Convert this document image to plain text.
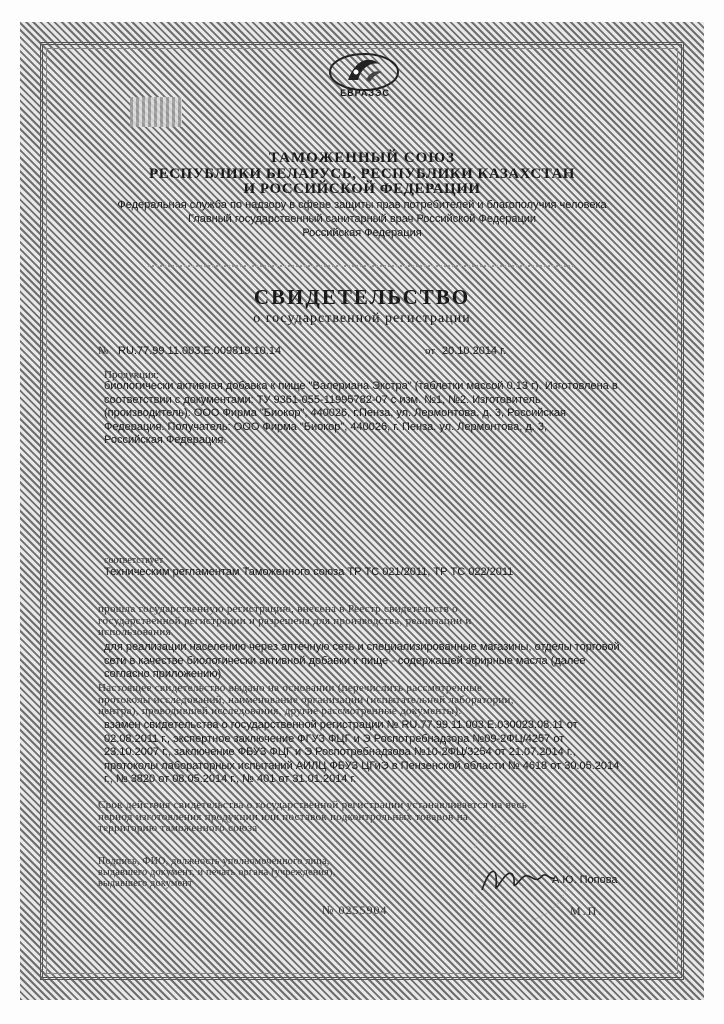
ЕВРАЗЭС
ТАМОЖЕННЫЙ СОЮЗ
РЕСПУБЛИКИ БЕЛАРУСЬ, РЕСПУБЛИКИ КАЗАХСТАН
И РОССИЙСКОЙ ФЕДЕРАЦИИ
Федеральная служба по надзору в сфере защиты прав потребителей и благополучия человека
Главный государственный санитарный врач Российской Федерации
Российская Федерация
СВИДЕТЕЛЬСТВО
о государственной регистрации
№ RU.77.99.11.003.Е.009819.10.14	от 20.10.2014 г.
Продукция:
биологически активная добавка к пище "Валериана Экстра" (таблетки массой 0,13 г). Изготовлена в
соответствии с документами: ТУ 9361-055-11995782-07 с изм. №1, №2. Изготовитель
(производитель): ООО Фирма "Биокор", 440026, г.Пенза, ул. Лермонтова, д. 3, Российская
Федерация. Получатель: ООО Фирма "Биокор", 440026, г. Пенза. ул. Лермонтова, д. 3,
Российская Федерация.
соответствует
Техническим регламентам Таможенного союза ТР ТС 021/2011, ТР ТС 022/2011
прошла государственную регистрацию, внесена в Реестр свидетельств о
государственной регистрации и разрешена для производства, реализации и
использования
для реализации населению через аптечную сеть и специализированные магазины, отделы торговой
сети в качестве биологически активной добавки к пище - содержащей эфирные масла (далее
согласно приложению)
Настоящее свидетельство выдано на основании (перечислить рассмотренные
протоколы исследований, наименование организации (испытательной лаборатории,
центра), проводившей исследования, другие рассмотренные документы):
взамен свидетельства о государственной регистрации № RU.77.99.11.003.Е.030023.08.11 от
02.08.2011 г., экспертное заключение ФГУЗ ФЦГ и Э Роспотребнадзора №09-2ФЦ/4257 от
23.10.2007 г., заключение ФБУЗ ФЦГ и Э Роспотребнадзора №10-2ФЦ/3254 от 21.07.2014 г.,
протоколы лабораторных испытаний АИЛЦ ФБУЗ ЦГиЭ в Пензенской области № 4618 от 30.05.2014
г., № 3820 от 08.05.2014 г., № 401 от 31.01.2014 г.
Срок действия свидетельства о государственной регистрации устанавливается на весь
период изготовления продукции или поставок подконтрольных товаров на
территорию таможенного союза
Подпись, ФИО, должность уполномоченного лица,
выдавшего документ, и печать органа (учреждения),
выдавшего документ	А.Ю. Попова
№ 0255904	М.П.
